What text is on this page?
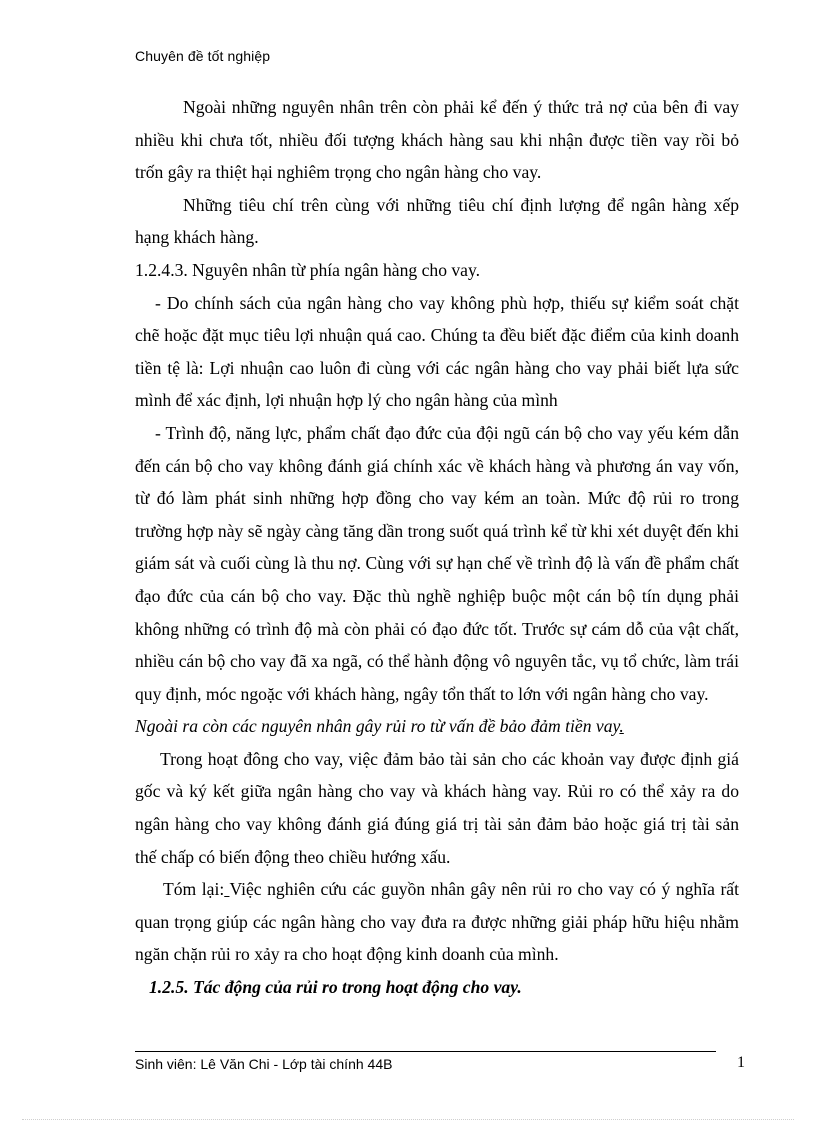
Chuyên đề tốt nghiệp

Ngoài những nguyên nhân trên còn phải kể đến ý thức trả nợ của bên đi vay nhiều khi chưa tốt, nhiều đối tượng khách hàng sau khi nhận được tiền vay rồi bỏ trốn gây ra thiệt hại nghiêm trọng cho ngân hàng cho vay.

Những tiêu chí trên cùng với những tiêu chí định lượng để ngân hàng xếp hạng khách hàng.

1.2.4.3. Nguyên nhân từ phía ngân hàng cho vay.

- Do chính sách của ngân hàng cho vay không phù hợp, thiếu sự kiểm soát chặt chẽ hoặc đặt mục tiêu lợi nhuận quá cao. Chúng ta đều biết đặc điểm của kinh doanh tiền tệ là: Lợi nhuận cao luôn đi cùng với các ngân hàng cho vay phải biết lựa sức mình để xác định, lợi nhuận hợp lý cho ngân hàng của mình

- Trình độ, năng lực, phẩm chất đạo đức của đội ngũ cán bộ cho vay yếu kém dẫn đến cán bộ cho vay không đánh giá chính xác về khách hàng và phương án vay vốn, từ đó làm phát sinh những hợp đồng cho vay kém an toàn. Mức độ rủi ro trong trường hợp này sẽ ngày càng tăng dần trong suốt quá trình kể từ khi xét duyệt đến khi giám sát và cuối cùng là thu nợ. Cùng với sự hạn chế về trình độ là vấn đề phẩm chất đạo đức của cán bộ cho vay. Đặc thù nghề nghiệp buộc một cán bộ tín dụng phải không những có trình độ mà còn phải có đạo đức tốt. Trước sự cám dỗ của vật chất, nhiều cán bộ cho vay đã xa ngã, có thể hành động vô nguyên tắc, vụ tổ chức, làm trái quy định, móc ngoặc với khách hàng, ngây tổn thất to lớn với ngân hàng cho vay.

Ngoài ra còn các nguyên nhân gây rủi ro từ vấn đề bảo đảm tiền vay.

Trong hoạt đông cho vay, việc đảm bảo tài sản cho các khoản vay được định giá gốc và ký kết giữa ngân hàng cho vay và khách hàng vay. Rủi ro có thể xảy ra do ngân hàng cho vay không đánh giá đúng giá trị tài sản đảm bảo hoặc giá trị tài sản thế chấp có biến động theo chiều hướng xấu.

Tóm lại: Việc nghiên cứu các guyồn nhân gây nên rủi ro cho vay có ý nghĩa rất quan trọng giúp các ngân hàng cho vay đưa ra được những giải pháp hữu hiệu nhằm ngăn chặn rủi ro xảy ra cho hoạt động kinh doanh của mình.

1.2.5. Tác động của rủi ro trong hoạt động cho vay.

Sinh viên: Lê Văn Chi - Lớp tài chính 44B	1
